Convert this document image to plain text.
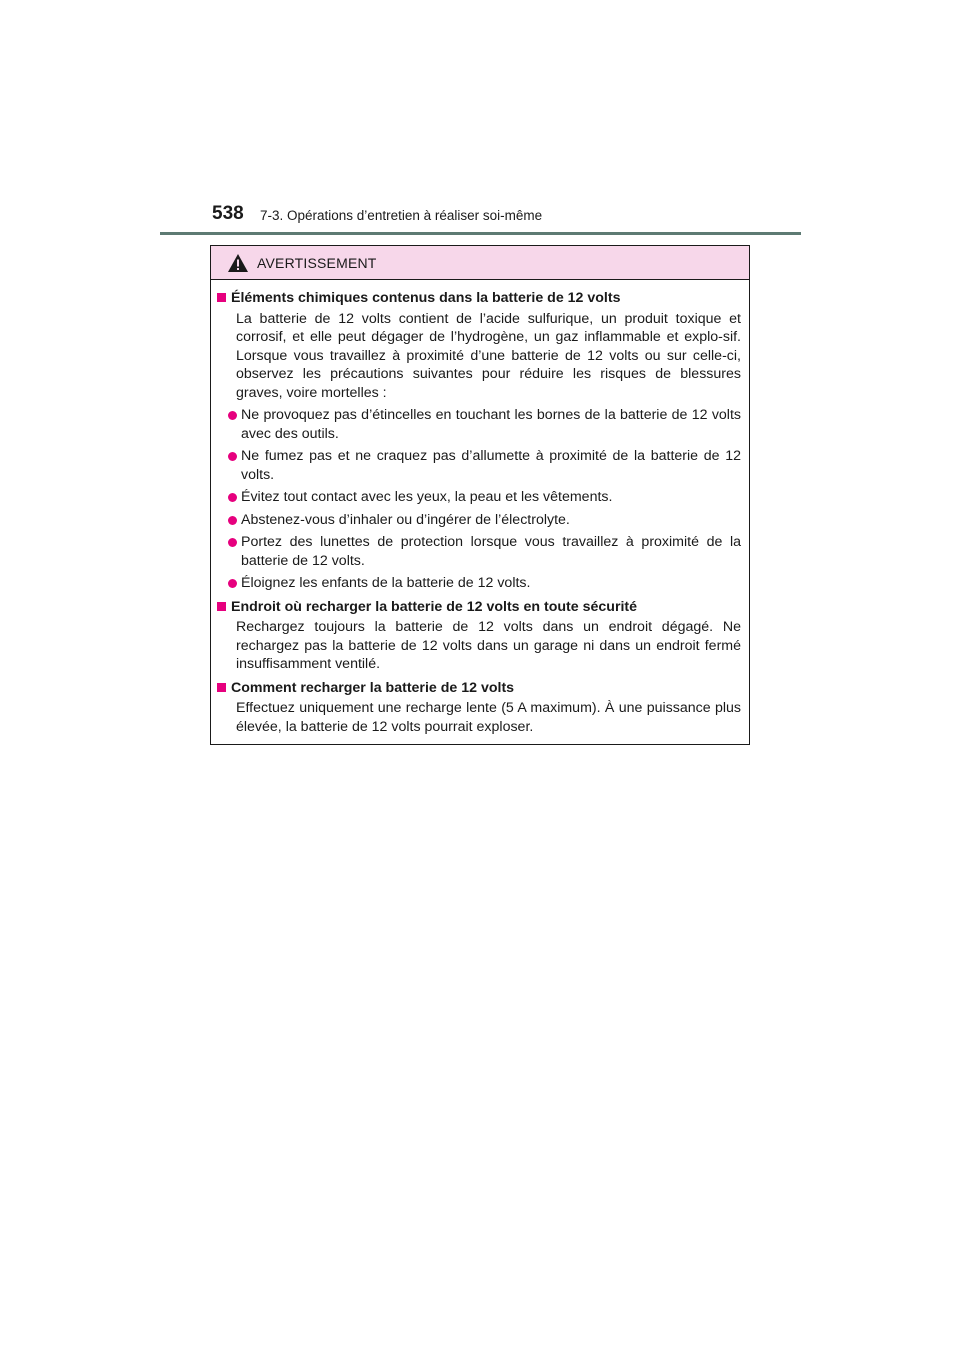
538 7-3. Opérations d’entretien à réaliser soi-même
AVERTISSEMENT
Éléments chimiques contenus dans la batterie de 12 volts
La batterie de 12 volts contient de l’acide sulfurique, un produit toxique et corrosif, et elle peut dégager de l’hydrogène, un gaz inflammable et explo-sif. Lorsque vous travaillez à proximité d’une batterie de 12 volts ou sur celle-ci, observez les précautions suivantes pour réduire les risques de blessures graves, voire mortelles :
Ne provoquez pas d’étincelles en touchant les bornes de la batterie de 12 volts avec des outils.
Ne fumez pas et ne craquez pas d’allumette à proximité de la batterie de 12 volts.
Évitez tout contact avec les yeux, la peau et les vêtements.
Abstenez-vous d’inhaler ou d’ingérer de l’électrolyte.
Portez des lunettes de protection lorsque vous travaillez à proximité de la batterie de 12 volts.
Éloignez les enfants de la batterie de 12 volts.
Endroit où recharger la batterie de 12 volts en toute sécurité
Rechargez toujours la batterie de 12 volts dans un endroit dégagé. Ne rechargez pas la batterie de 12 volts dans un garage ni dans un endroit fermé insuffisamment ventilé.
Comment recharger la batterie de 12 volts
Effectuez uniquement une recharge lente (5 A maximum). À une puissance plus élevée, la batterie de 12 volts pourrait exploser.
